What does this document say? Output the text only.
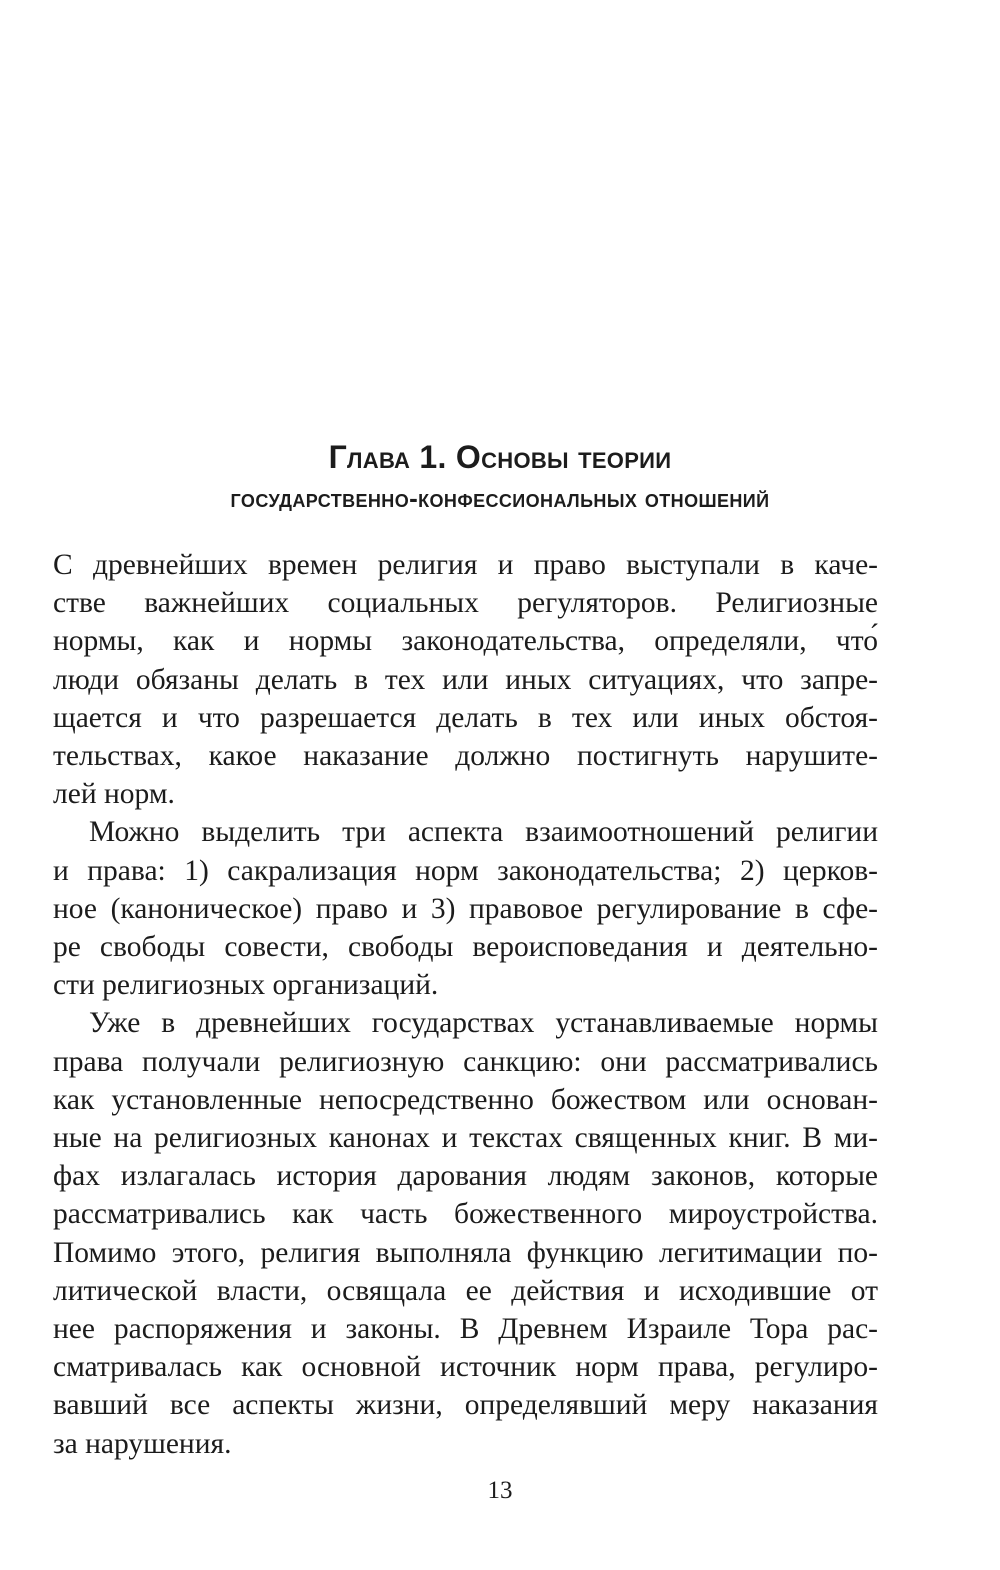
Глава 1. Основы теории
государственно-конфессиональных отношений

С древнейших времен религия и право выступали в каче-
стве важнейших социальных регуляторов. Религиозные
нормы, как и нормы законодательства, определяли, что́
люди обязаны делать в тех или иных ситуациях, что запре-
щается и что разрешается делать в тех или иных обстоя-
тельствах, какое наказание должно постигнуть нарушите-
лей норм.

Можно выделить три аспекта взаимоотношений религии
и права: 1) сакрализация норм законодательства; 2) церков-
ное (каноническое) право и 3) правовое регулирование в сфе-
ре свободы совести, свободы вероисповедания и деятельно-
сти религиозных организаций.

Уже в древнейших государствах устанавливаемые нормы
права получали религиозную санкцию: они рассматривались
как установленные непосредственно божеством или основан-
ные на религиозных канонах и текстах священных книг. В ми-
фах излагалась история дарования людям законов, которые
рассматривались как часть божественного мироустройства.
Помимо этого, религия выполняла функцию легитимации по-
литической власти, освящала ее действия и исходившие от
нее распоряжения и законы. В Древнем Израиле Тора рас-
сматривалась как основной источник норм права, регулиро-
вавший все аспекты жизни, определявший меру наказания
за нарушения.

13
